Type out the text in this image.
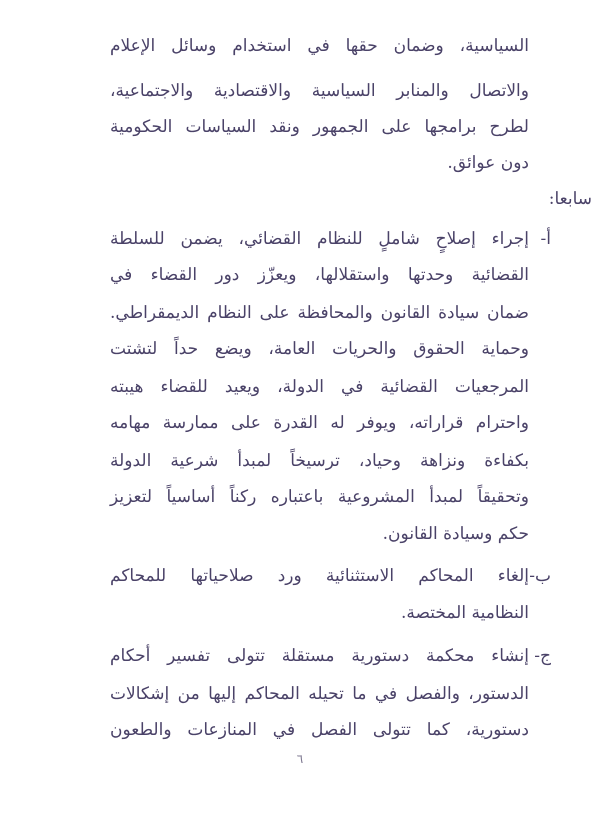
السياسية، وضمان حقها في استخدام وسائل الإعلام

والاتصال والمنابر السياسية والاقتصادية والاجتماعية،

لطرح برامجها على الجمهور ونقد السياسات الحكومية

دون عوائق.

سابعا:

أ-

إجراء إصلاحٍ شاملٍ للنظام القضائي، يضمن للسلطة

القضائية وحدتها واستقلالها، ويعزّز دور القضاء في

ضمان سيادة القانون والمحافظة على النظام الديمقراطي.

وحماية الحقوق والحريات العامة، ويضع حداً لتشتت

المرجعيات القضائية في الدولة، ويعيد للقضاء هيبته

واحترام قراراته، ويوفر له القدرة على ممارسة مهامه

بكفاءة ونزاهة وحياد، ترسيخاً لمبدأ شرعية الدولة

وتحقيقاً لمبدأ المشروعية باعتباره ركناً أساسياً لتعزيز

حكم وسيادة القانون.

ب-

إلغاء المحاكم الاستثنائية ورد صلاحياتها للمحاكم

النظامية المختصة.

ج-

إنشاء محكمة دستورية مستقلة تتولى تفسير أحكام

الدستور، والفصل في ما تحيله المحاكم إليها من إشكالات

دستورية، كما تتولى الفصل في المنازعات والطعون

٦
